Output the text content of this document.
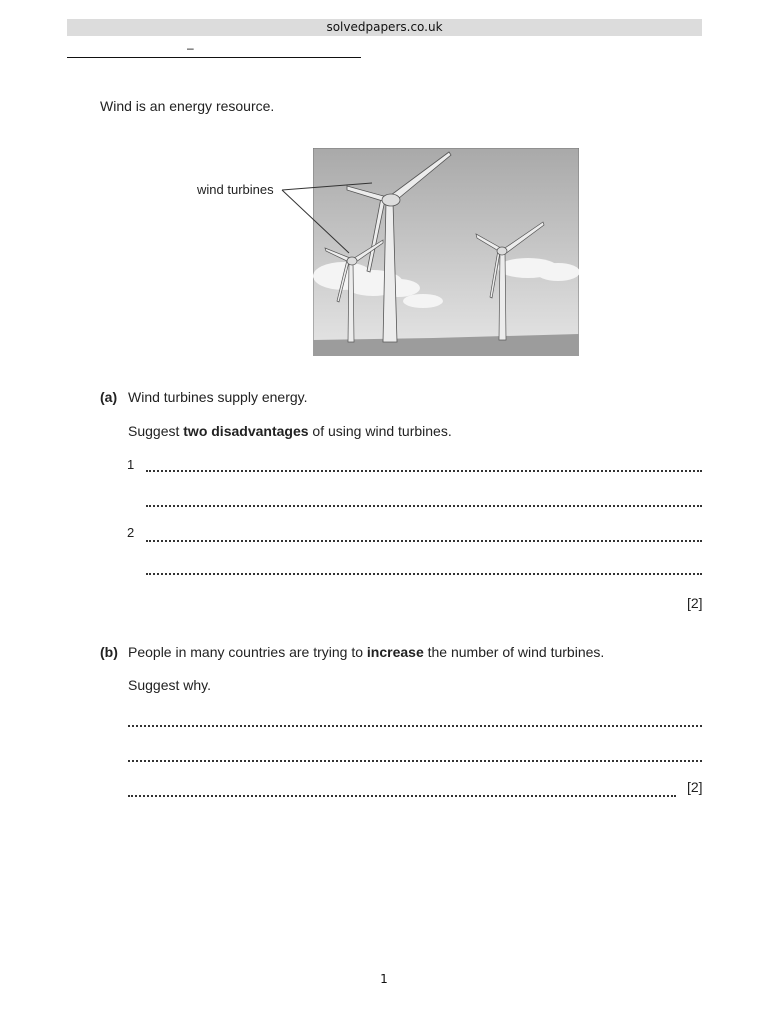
solvedpapers.co.uk
–
Wind is an energy resource.
wind turbines
(a) Wind turbines supply energy.
Suggest two disadvantages of using wind turbines.
1
2
[2]
(b) People in many countries are trying to increase the number of wind turbines.
Suggest why.
[2]
1
